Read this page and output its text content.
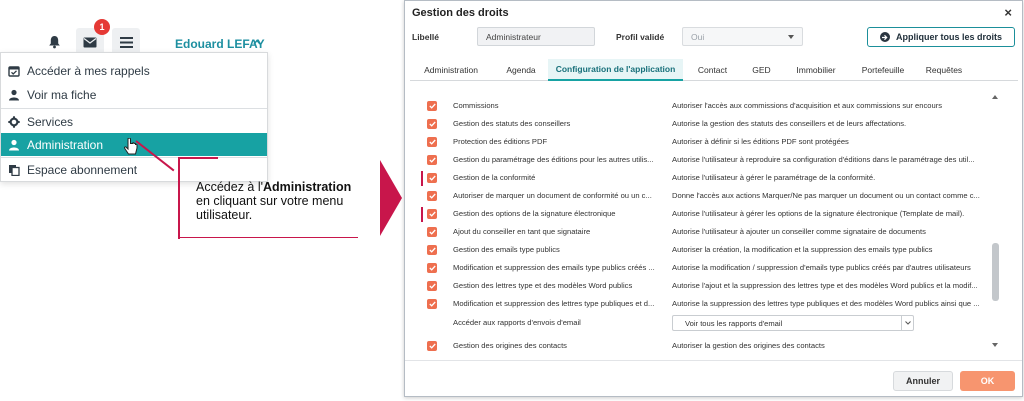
1
Edouard LEFAY
Accéder à mes rappels
Voir ma fiche
Services
Administration
Espace abonnement
Accédez à l'Administration en cliquant sur votre menu utilisateur.
Gestion des droits	×
Libellé	Administrateur	Profil validé	Oui	Appliquer tous les droits
Administration	Agenda	Configuration de l'application	Contact	GED	Immobilier	Portefeuille	Requêtes
Commissions	Autoriser l'accès aux commissions d'acquisition et aux commissions sur encours
Gestion des statuts des conseillers	Autorise la gestion des statuts des conseillers et de leurs affectations.
Protection des éditions PDF	Autoriser à définir si les éditions PDF sont protégées
Gestion du paramétrage des éditions pour les autres utilis...	Autorise l'utilisateur à reproduire sa configuration d'éditions dans le paramétrage des util...
Gestion de la conformité	Autorise l'utilisateur à gérer le paramétrage de la conformité.
Autoriser de marquer un document de conformité ou un c...	Donne l'accès aux actions Marquer/Ne pas marquer un document ou un contact comme c...
Gestion des options de la signature électronique	Autorise l'utilisateur à gérer les options de la signature électronique (Template de mail).
Ajout du conseiller en tant que signataire	Autorise l'utilisateur à ajouter un conseiller comme signataire de documents
Gestion des emails type publics	Autoriser la création, la modification et la suppression des emails type publics
Modification et suppression des emails type publics créés ...	Autorise la modification / suppression d'emails type publics créés par d'autres utilisateurs
Gestion des lettres type et des modèles Word publics	Autorise l'ajout et la suppression des lettres type et des modèles Word publics et la modif...
Modification et suppression des lettres type publiques et d...	Autorise la suppression des lettres type publiques et des modèles Word publics ainsi que ...
Accéder aux rapports d'envois d'email	Voir tous les rapports d'email
Gestion des origines des contacts	Autoriser la gestion des origines des contacts
Annuler	OK
